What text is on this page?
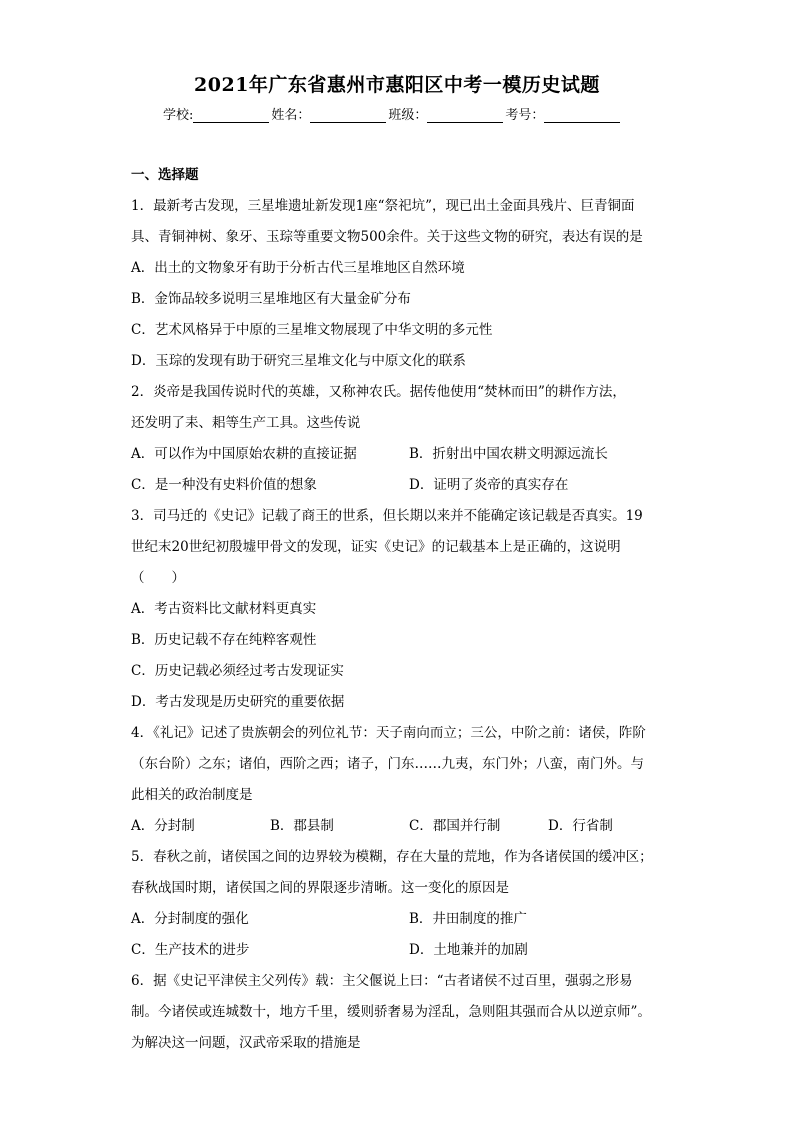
2021年广东省惠州市惠阳区中考一模历史试题
学校:	姓名：	班级：	考号：
一、选择题
1．最新考古发现，三星堆遗址新发现1座“祭祀坑”，现已出土金面具残片、巨青铜面
具、青铜神树、象牙、玉琮等重要文物500余件。关于这些文物的研究，表达有误的是
A．出土的文物象牙有助于分析古代三星堆地区自然环境
B．金饰品较多说明三星堆地区有大量金矿分布
C．艺术风格异于中原的三星堆文物展现了中华文明的多元性
D．玉琮的发现有助于研究三星堆文化与中原文化的联系
2．炎帝是我国传说时代的英雄，又称神农氏。据传他使用“焚林而田”的耕作方法，
还发明了耒、耜等生产工具。这些传说
A．可以作为中国原始农耕的直接证据	B．折射出中国农耕文明源远流长
C．是一种没有史料价值的想象	D．证明了炎帝的真实存在
3．司马迁的《史记》记载了商王的世系，但长期以来并不能确定该记载是否真实。19
世纪末20世纪初殷墟甲骨文的发现，证实《史记》的记载基本上是正确的，这说明
（　　）
A．考古资料比文献材料更真实
B．历史记载不存在纯粹客观性
C．历史记载必须经过考古发现证实
D．考古发现是历史研究的重要依据
4．《礼记》记述了贵族朝会的列位礼节：天子南向而立；三公，中阶之前：诸侯，阼阶
（东台阶）之东；诸伯，西阶之西；诸子，门东……九夷，东门外；八蛮，南门外。与
此相关的政治制度是
A．分封制	B．郡县制	C．郡国并行制	D．行省制
5．春秋之前，诸侯国之间的边界较为模糊，存在大量的荒地，作为各诸侯国的缓冲区；
春秋战国时期，诸侯国之间的界限逐步清晰。这一变化的原因是
A．分封制度的强化	B．井田制度的推广
C．生产技术的进步	D．土地兼并的加剧
6．据《史记平津侯主父列传》载：主父偃说上曰：“古者诸侯不过百里，强弱之形易
制。今诸侯或连城数十，地方千里，缓则骄奢易为淫乱，急则阻其强而合从以逆京师”。
为解决这一问题，汉武帝采取的措施是
